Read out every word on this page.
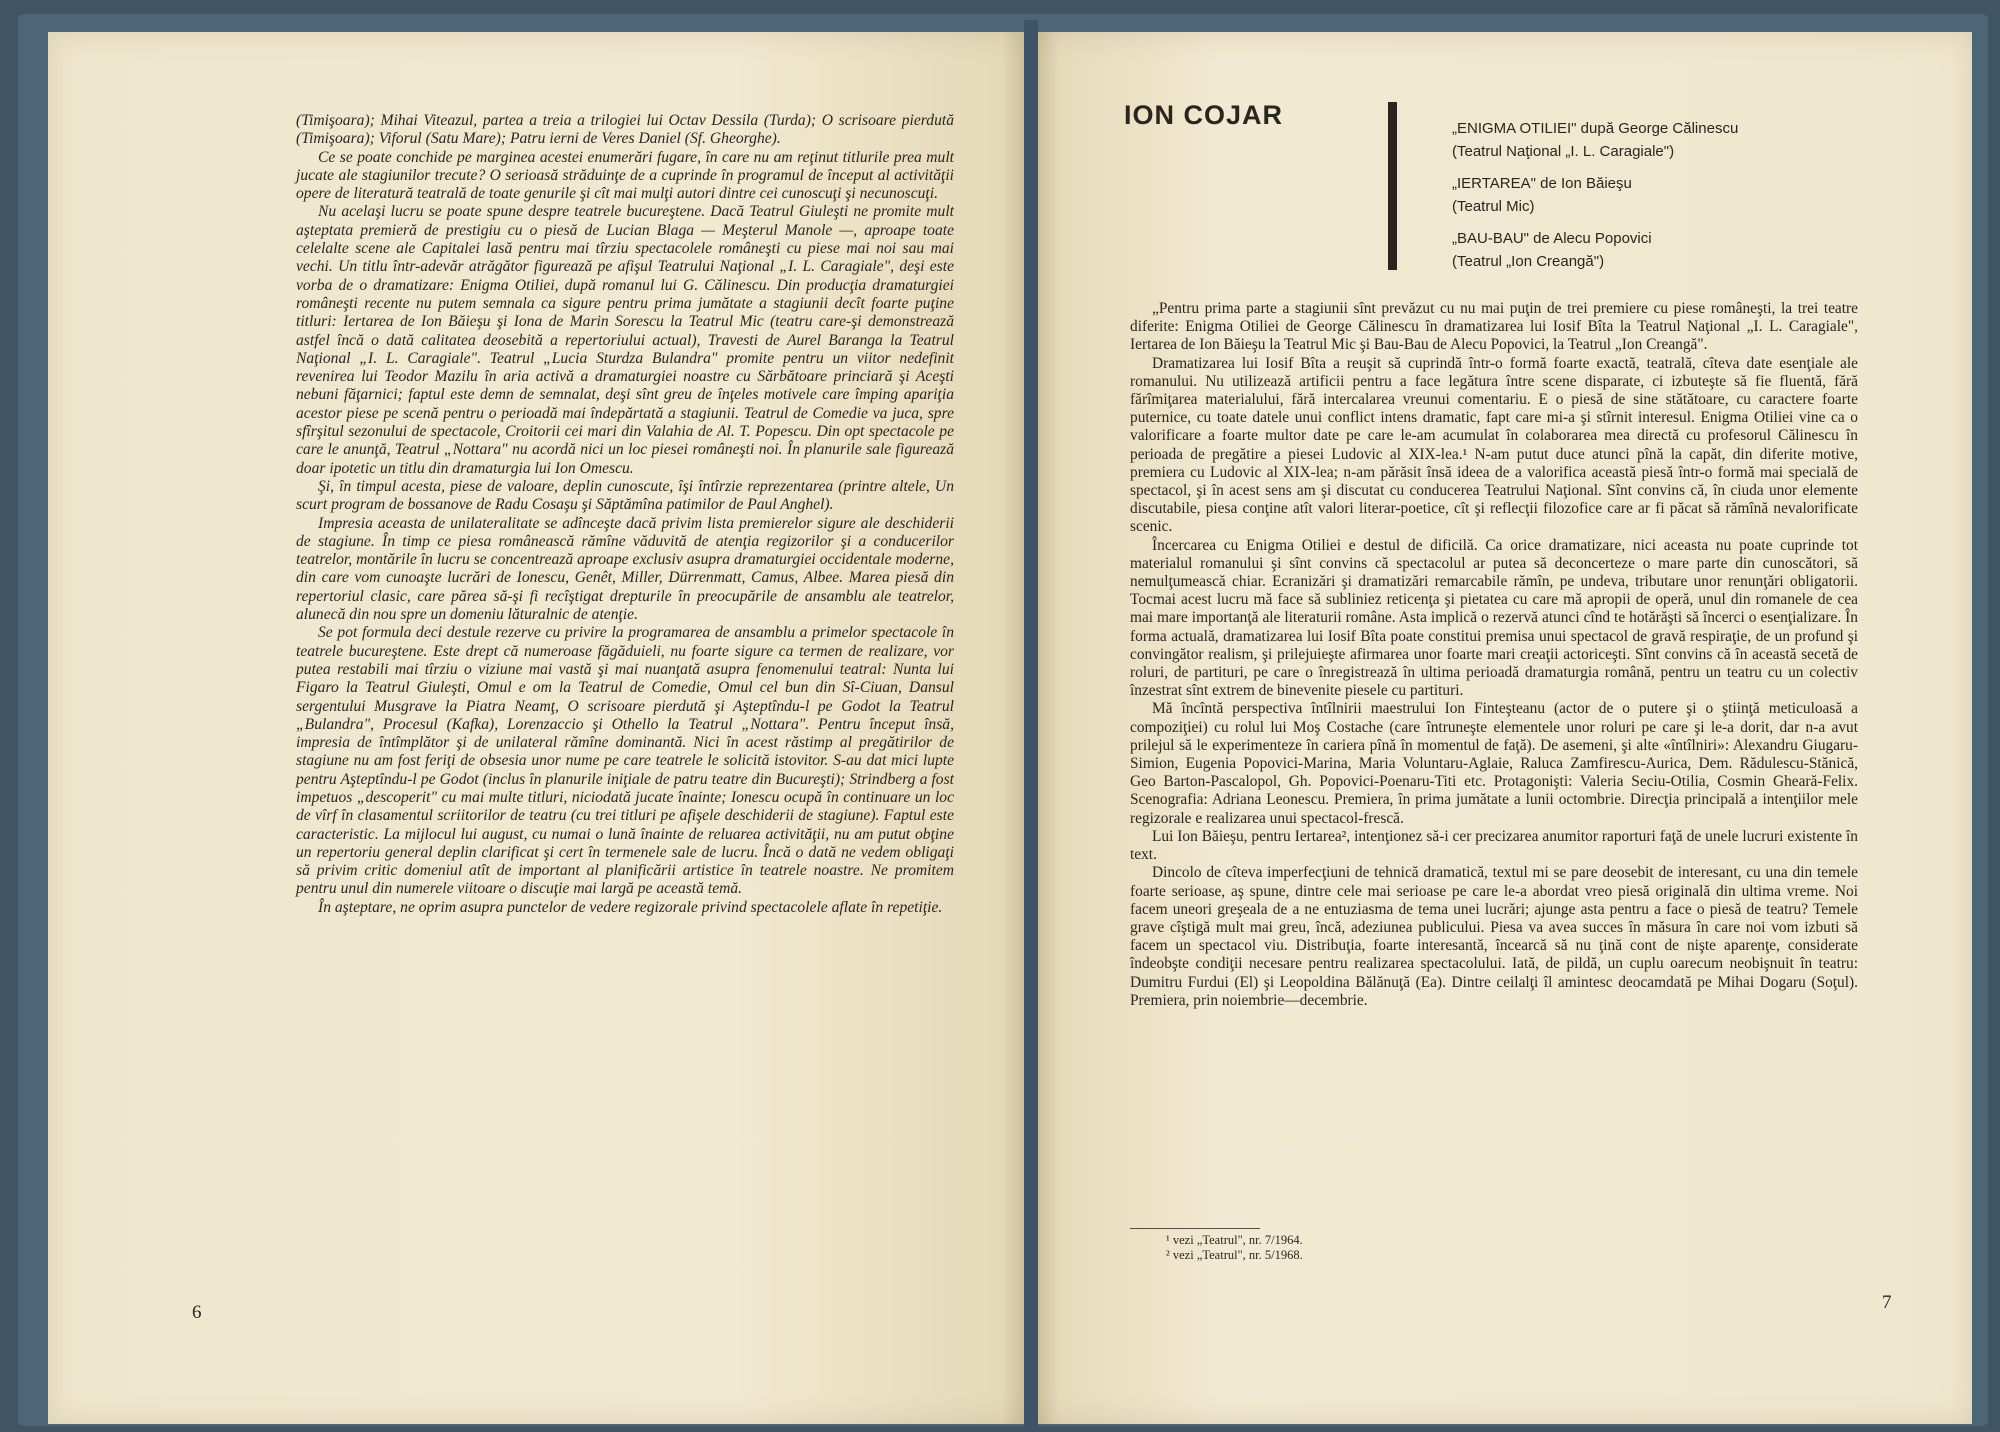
(Timişoara); Mihai Viteazul, partea a treia a trilogiei lui Octav Dessila (Turda); O scrisoare pierdută (Timişoara); Viforul (Satu Mare); Patru ierni de Veres Daniel (Sf. Gheorghe).

Ce se poate conchide pe marginea acestei enumerări fugare, în care nu am reţinut titlurile prea mult jucate ale stagiunilor trecute? O serioasă străduinţe de a cuprinde în programul de început al activităţii opere de literatură teatrală de toate genurile şi cît mai mulţi autori dintre cei cunoscuţi şi necunoscuţi.

Nu acelaşi lucru se poate spune despre teatrele bucureştene. Dacă Teatrul Giuleşti ne promite mult aşteptata premieră de prestigiu cu o piesă de Lucian Blaga — Meşterul Manole —, aproape toate celelalte scene ale Capitalei lasă pentru mai tîrziu spectacolele româneşti cu piese mai noi sau mai vechi. Un titlu într-adevăr atrăgător figurează pe afişul Teatrului Naţional „I. L. Caragiale", deşi este vorba de o dramatizare: Enigma Otiliei, după romanul lui G. Călinescu. Din producţia dramaturgiei româneşti recente nu putem semnala ca sigure pentru prima jumătate a stagiunii decît foarte puţine titluri: Iertarea de Ion Băieşu şi Iona de Marin Sorescu la Teatrul Mic (teatru care-şi demonstrează astfel încă o dată calitatea deosebită a repertoriului actual), Travesti de Aurel Baranga la Teatrul Naţional „I. L. Caragiale". Teatrul „Lucia Sturdza Bulandra" promite pentru un viitor nedefinit revenirea lui Teodor Mazilu în aria activă a dramaturgiei noastre cu Sărbătoare princiară şi Aceşti nebuni făţarnici; faptul este demn de semnalat, deşi sînt greu de înţeles motivele care împing apariţia acestor piese pe scenă pentru o perioadă mai îndepărtată a stagiunii. Teatrul de Comedie va juca, spre sfîrşitul sezonului de spectacole, Croitorii cei mari din Valahia de Al. T. Popescu. Din opt spectacole pe care le anunţă, Teatrul „Nottara" nu acordă nici un loc piesei româneşti noi. În planurile sale figurează doar ipotetic un titlu din dramaturgia lui Ion Omescu.

Şi, în timpul acesta, piese de valoare, deplin cunoscute, îşi întîrzie reprezentarea (printre altele, Un scurt program de bossanove de Radu Cosaşu şi Săptămîna patimilor de Paul Anghel).

Impresia aceasta de unilateralitate se adînceşte dacă privim lista premierelor sigure ale deschiderii de stagiune. În timp ce piesa românească rămîne văduvită de atenţia regizorilor şi a conducerilor teatrelor, montările în lucru se concentrează aproape exclusiv asupra dramaturgiei occidentale moderne, din care vom cunoaşte lucrări de Ionescu, Genêt, Miller, Dürrenmatt, Camus, Albee. Marea piesă din repertoriul clasic, care părea să-şi fi recîştigat drepturile în preocupările de ansamblu ale teatrelor, alunecă din nou spre un domeniu lăturalnic de atenţie.

Se pot formula deci destule rezerve cu privire la programarea de ansamblu a primelor spectacole în teatrele bucureştene. Este drept că numeroase făgăduieli, nu foarte sigure ca termen de realizare, vor putea restabili mai tîrziu o viziune mai vastă şi mai nuanţată asupra fenomenului teatral: Nunta lui Figaro la Teatrul Giuleşti, Omul e om la Teatrul de Comedie, Omul cel bun din Sî-Ciuan, Dansul sergentului Musgrave la Piatra Neamţ, O scrisoare pierdută şi Aşteptîndu-l pe Godot la Teatrul „Bulandra", Procesul (Kafka), Lorenzaccio şi Othello la Teatrul „Nottara". Pentru început însă, impresia de întîmplător şi de unilateral rămîne dominantă. Nici în acest răstimp al pregătirilor de stagiune nu am fost feriţi de obsesia unor nume pe care teatrele le solicită istovitor. S-au dat mici lupte pentru Aşteptîndu-l pe Godot (inclus în planurile iniţiale de patru teatre din Bucureşti); Strindberg a fost impetuos „descoperit" cu mai multe titluri, niciodată jucate înainte; Ionescu ocupă în continuare un loc de vîrf în clasamentul scriitorilor de teatru (cu trei titluri pe afişele deschiderii de stagiune). Faptul este caracteristic. La mijlocul lui august, cu numai o lună înainte de reluarea activităţii, nu am putut obţine un repertoriu general deplin clarificat şi cert în termenele sale de lucru. Încă o dată ne vedem obligaţi să privim critic domeniul atît de important al planificării artistice în teatrele noastre. Ne promitem pentru unul din numerele viitoare o discuţie mai largă pe această temă.

În aşteptare, ne oprim asupra punctelor de vedere regizorale privind spectacolele aflate în repetiţie.

6
ION COJAR	„ENIGMA OTILIEI" după George Călinescu
(Teatrul Naţional „I. L. Caragiale")
„IERTAREA" de Ion Băieşu
(Teatrul Mic)
„BAU-BAU" de Alecu Popovici
(Teatrul „Ion Creangă")

„Pentru prima parte a stagiunii sînt prevăzut cu nu mai puţin de trei premiere cu piese româneşti, la trei teatre diferite: Enigma Otiliei de George Călinescu în dramatizarea lui Iosif Bîta la Teatrul Naţional „I. L. Caragiale", Iertarea de Ion Băieşu la Teatrul Mic şi Bau-Bau de Alecu Popovici, la Teatrul „Ion Creangă".

Dramatizarea lui Iosif Bîta a reuşit să cuprindă într-o formă foarte exactă, teatrală, cîteva date esenţiale ale romanului. Nu utilizează artificii pentru a face legătura între scene disparate, ci izbuteşte să fie fluentă, fără fărîmiţarea materialului, fără intercalarea vreunui comentariu. E o piesă de sine stătătoare, cu caractere foarte puternice, cu toate datele unui conflict intens dramatic, fapt care mi-a şi stîrnit interesul. Enigma Otiliei vine ca o valorificare a foarte multor date pe care le-am acumulat în colaborarea mea directă cu profesorul Călinescu în perioada de pregătire a piesei Ludovic al XIX-lea.¹ N-am putut duce atunci pînă la capăt, din diferite motive, premiera cu Ludovic al XIX-lea; n-am părăsit însă ideea de a valorifica această piesă într-o formă mai specială de spectacol, şi în acest sens am şi discutat cu conducerea Teatrului Naţional. Sînt convins că, în ciuda unor elemente discutabile, piesa conţine atît valori literar-poetice, cît şi reflecţii filozofice care ar fi păcat să rămînă nevalorificate scenic.

Încercarea cu Enigma Otiliei e destul de dificilă. Ca orice dramatizare, nici aceasta nu poate cuprinde tot materialul romanului şi sînt convins că spectacolul ar putea să deconcerteze o mare parte din cunoscători, să nemulţumească chiar. Ecranizări şi dramatizări remarcabile rămîn, pe undeva, tributare unor renunţări obligatorii. Tocmai acest lucru mă face să subliniez reticenţa şi pietatea cu care mă apropii de operă, unul din romanele de cea mai mare importanţă ale literaturii române. Asta implică o rezervă atunci cînd te hotărăşti să încerci o esenţializare. În forma actuală, dramatizarea lui Iosif Bîta poate constitui premisa unui spectacol de gravă respiraţie, de un profund şi convingător realism, şi prilejuieşte afirmarea unor foarte mari creaţii actoriceşti. Sînt convins că în această secetă de roluri, de partituri, pe care o înregistrează în ultima perioadă dramaturgia română, pentru un teatru cu un colectiv înzestrat sînt extrem de binevenite piesele cu partituri.

Mă încîntă perspectiva întîlnirii maestrului Ion Finteşteanu (actor de o putere şi o ştiinţă meticuloasă a compoziţiei) cu rolul lui Moş Costache (care întruneşte elementele unor roluri pe care şi le-a dorit, dar n-a avut prilejul să le experimenteze în cariera pînă în momentul de faţă). De asemeni, şi alte «întîlniri»: Alexandru Giugaru-Simion, Eugenia Popovici-Marina, Maria Voluntaru-Aglaie, Raluca Zamfirescu-Aurica, Dem. Rădulescu-Stănică, Geo Barton-Pascalopol, Gh. Popovici-Poenaru-Titi etc. Protagonişti: Valeria Seciu-Otilia, Cosmin Gheară-Felix. Scenografia: Adriana Leonescu. Premiera, în prima jumătate a lunii octombrie. Direcţia principală a intenţiilor mele regizorale e realizarea unui spectacol-frescă.

Lui Ion Băieşu, pentru Iertarea², intenţionez să-i cer precizarea anumitor raporturi faţă de unele lucruri existente în text.

Dincolo de cîteva imperfecţiuni de tehnică dramatică, textul mi se pare deosebit de interesant, cu una din temele foarte serioase, aş spune, dintre cele mai serioase pe care le-a abordat vreo piesă originală din ultima vreme. Noi facem uneori greşeala de a ne entuziasma de tema unei lucrări; ajunge asta pentru a face o piesă de teatru? Temele grave cîştigă mult mai greu, încă, adeziunea publicului. Piesa va avea succes în măsura în care noi vom izbuti să facem un spectacol viu. Distribuţia, foarte interesantă, încearcă să nu ţină cont de nişte aparenţe, considerate îndeobşte condiţii necesare pentru realizarea spectacolului. Iată, de pildă, un cuplu oarecum neobişnuit în teatru: Dumitru Furdui (El) şi Leopoldina Bălănuţă (Ea). Dintre ceilalţi îl amintesc deocamdată pe Mihai Dogaru (Soţul). Premiera, prin noiembrie—decembrie.

¹ vezi „Teatrul", nr. 7/1964.
² vezi „Teatrul", nr. 5/1968.
7
